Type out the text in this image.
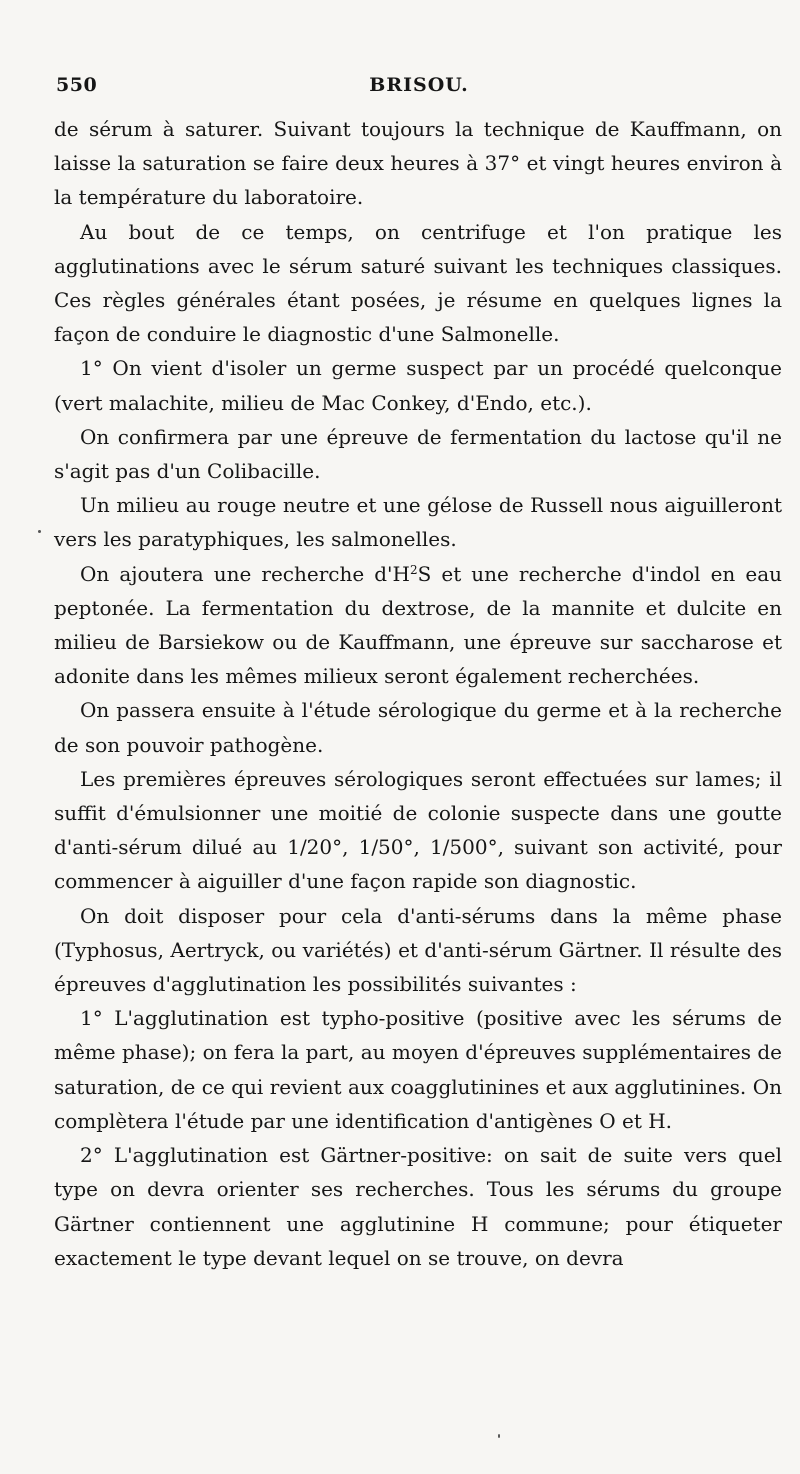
550	BRISOU.

de sérum à saturer. Suivant toujours la technique de Kauffmann, on laisse la saturation se faire deux heures à 37° et vingt heures environ à la température du laboratoire.

Au bout de ce temps, on centrifuge et l'on pratique les agglutinations avec le sérum saturé suivant les techniques classiques. Ces règles générales étant posées, je résume en quelques lignes la façon de conduire le diagnostic d'une Salmonelle.

1° On vient d'isoler un germe suspect par un procédé quelconque (vert malachite, milieu de Mac Conkey, d'Endo, etc.).

On confirmera par une épreuve de fermentation du lactose qu'il ne s'agit pas d'un Colibacille.

Un milieu au rouge neutre et une gélose de Russell nous aiguilleront vers les paratyphiques, les salmonelles.

On ajoutera une recherche $d'H^2S$ et une recherche d'indol en eau peptonée. La fermentation du dextrose, de la mannite et dulcite en milieu de Barsiekow ou de Kauffmann, une épreuve sur saccharose et adonite dans les mêmes milieux seront également recherchées.

On passera ensuite à l'étude sérologique du germe et à la recherche de son pouvoir pathogène.

Les premières épreuves sérologiques seront effectuées sur lames; il suffit d'émulsionner une moitié de colonie suspecte dans une goutte d'anti-sérum dilué au 1/20°, 1/50°, 1/500°, suivant son activité, pour commencer à aiguiller d'une façon rapide son diagnostic.

On doit disposer pour cela d'anti-sérums dans la même phase (Typhosus, Aertryck, ou variétés) et d'anti-sérum Gärtner. Il résulte des épreuves d'agglutination les possibilités suivantes :

1° L'agglutination est typho-positive (positive avec les sérums de même phase); on fera la part, au moyen d'épreuves supplémentaires de saturation, de ce qui revient aux coagglutinines et aux agglutinines. On complètera l'étude par une identification d'antigènes O et H.

2° L'agglutination est Gärtner-positive: on sait de suite vers quel type on devra orienter ses recherches. Tous les sérums du groupe Gärtner contiennent une agglutinine H commune; pour étiqueter exactement le type devant lequel on se trouve, on devra
